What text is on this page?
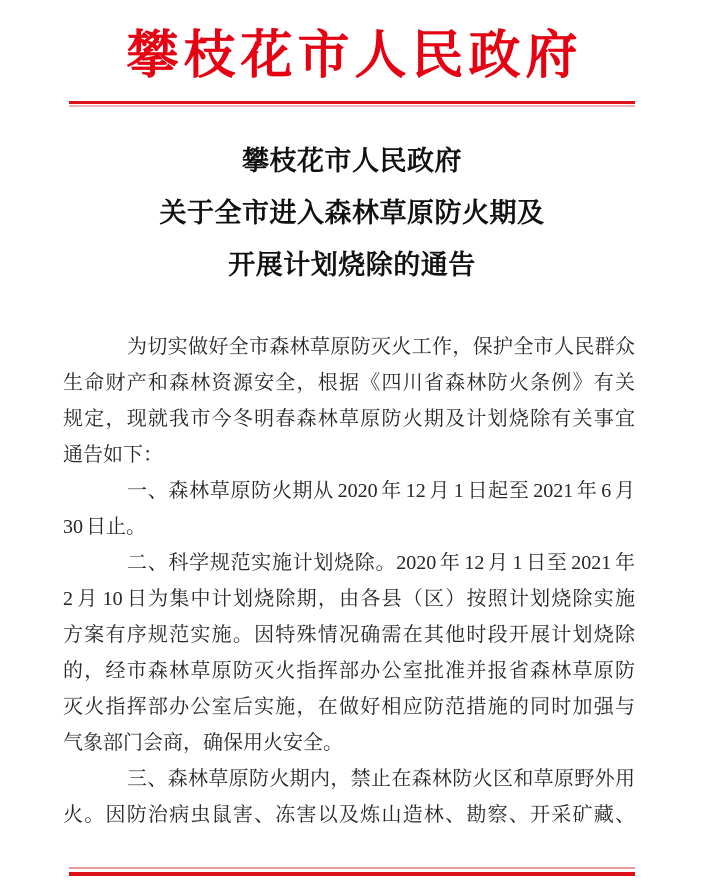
攀枝花市人民政府
攀枝花市人民政府
关于全市进入森林草原防火期及
开展计划烧除的通告
为切实做好全市森林草原防灭火工作，保护全市人民群众
生命财产和森林资源安全，根据《四川省森林防火条例》有关
规定，现就我市今冬明春森林草原防火期及计划烧除有关事宜
通告如下：
一、森林草原防火期从 2020 年 12 月 1 日起至 2021 年 6 月
30 日止。
二、科学规范实施计划烧除。2020 年 12 月 1 日至 2021 年
2 月 10 日为集中计划烧除期，由各县（区）按照计划烧除实施
方案有序规范实施。因特殊情况确需在其他时段开展计划烧除
的，经市森林草原防灭火指挥部办公室批准并报省森林草原防
灭火指挥部办公室后实施，在做好相应防范措施的同时加强与
气象部门会商，确保用火安全。
三、森林草原防火期内，禁止在森林防火区和草原野外用
火。因防治病虫鼠害、冻害以及炼山造林、勘察、开采矿藏、
